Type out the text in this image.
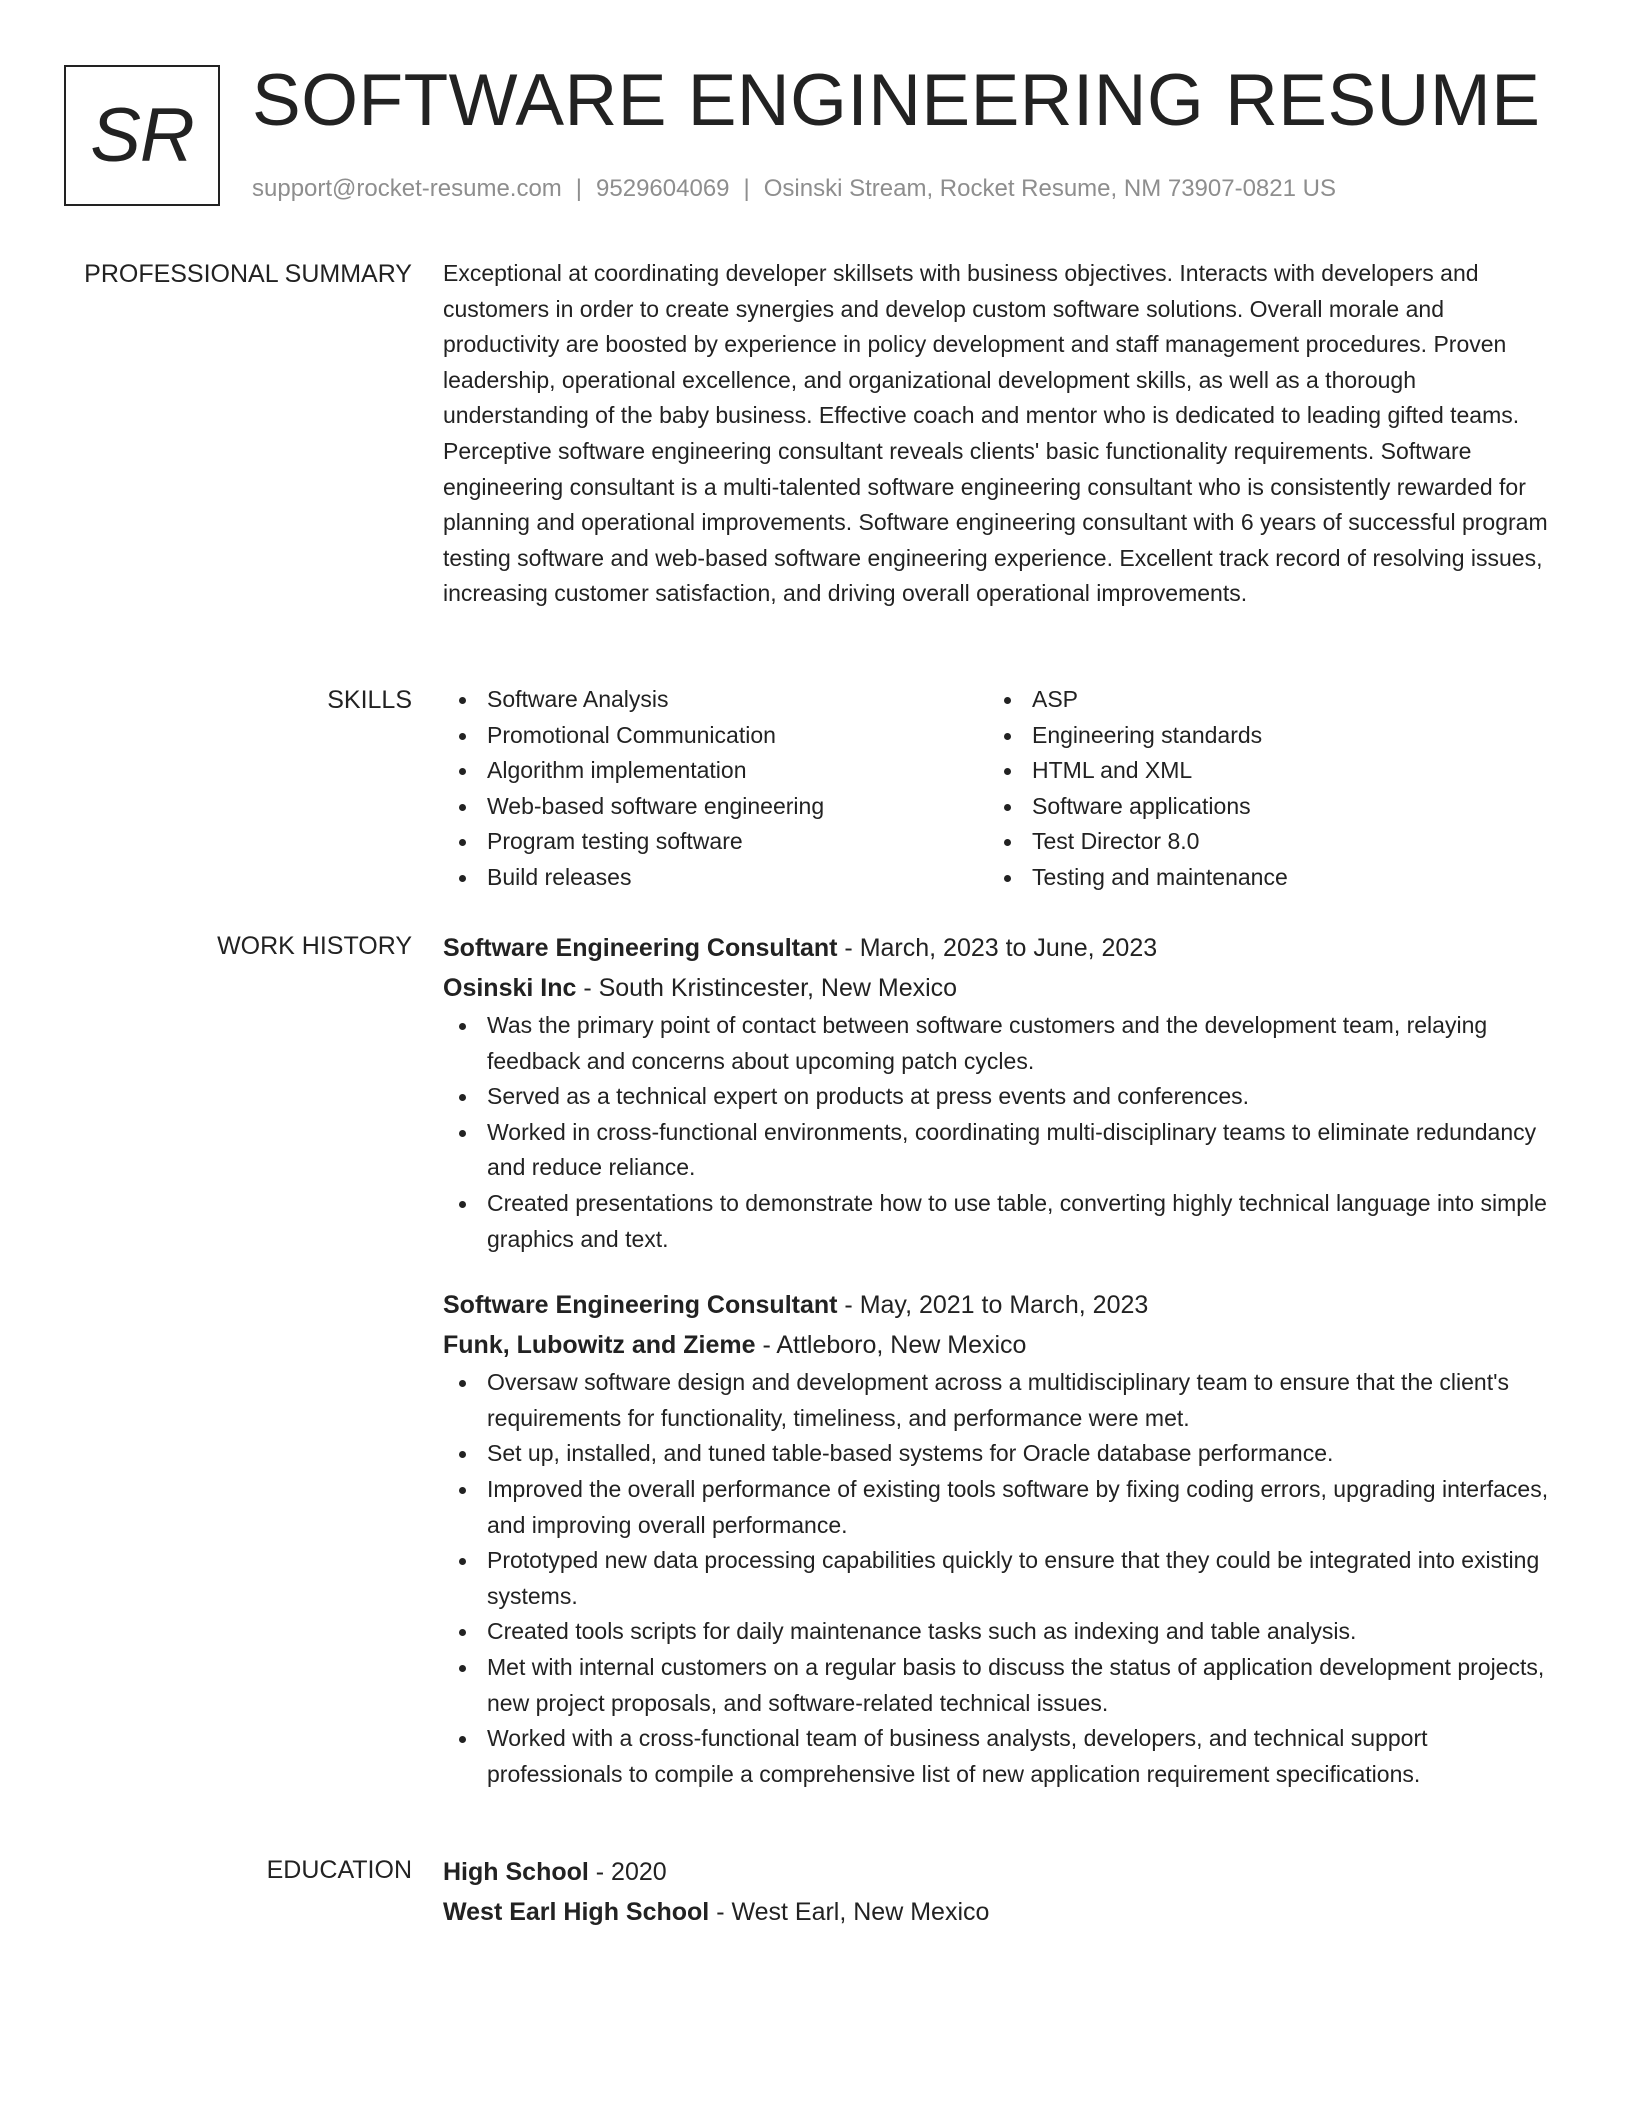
SR SOFTWARE ENGINEERING RESUME
support@rocket-resume.com | 9529604069 | Osinski Stream, Rocket Resume, NM 73907-0821 US
PROFESSIONAL SUMMARY Exceptional at coordinating developer skillsets with business objectives. Interacts with developers and customers in order to create synergies and develop custom software solutions. Overall morale and productivity are boosted by experience in policy development and staff management procedures. Proven leadership, operational excellence, and organizational development skills, as well as a thorough understanding of the baby business. Effective coach and mentor who is dedicated to leading gifted teams. Perceptive software engineering consultant reveals clients' basic functionality requirements. Software engineering consultant is a multi-talented software engineering consultant who is consistently rewarded for planning and operational improvements. Software engineering consultant with 6 years of successful program testing software and web-based software engineering experience. Excellent track record of resolving issues, increasing customer satisfaction, and driving overall operational improvements.

SKILLS	Software Analysis
Promotional Communication
Algorithm implementation
Web-based software engineering
Program testing software
Build releases
ASP
Engineering standards
HTML and XML
Software applications
Test Director 8.0
Testing and maintenance
WORK HISTORY Software Engineering Consultant - March, 2023 to June, 2023
Osinski Inc - South Kristincester, New Mexico
Was the primary point of contact between software customers and the development team, relaying feedback and concerns about upcoming patch cycles.
Served as a technical expert on products at press events and conferences.
Worked in cross-functional environments, coordinating multi-disciplinary teams to eliminate redundancy and reduce reliance.
Created presentations to demonstrate how to use table, converting highly technical language into simple graphics and text.
Software Engineering Consultant - May, 2021 to March, 2023
Funk, Lubowitz and Zieme - Attleboro, New Mexico
Oversaw software design and development across a multidisciplinary team to ensure that the client's requirements for functionality, timeliness, and performance were met.
Set up, installed, and tuned table-based systems for Oracle database performance.
Improved the overall performance of existing tools software by fixing coding errors, upgrading interfaces, and improving overall performance.
Prototyped new data processing capabilities quickly to ensure that they could be integrated into existing systems.
Created tools scripts for daily maintenance tasks such as indexing and table analysis.
Met with internal customers on a regular basis to discuss the status of application development projects, new project proposals, and software-related technical issues.
Worked with a cross-functional team of business analysts, developers, and technical support professionals to compile a comprehensive list of new application requirement specifications.
EDUCATION High School - 2020
West Earl High School - West Earl, New Mexico
